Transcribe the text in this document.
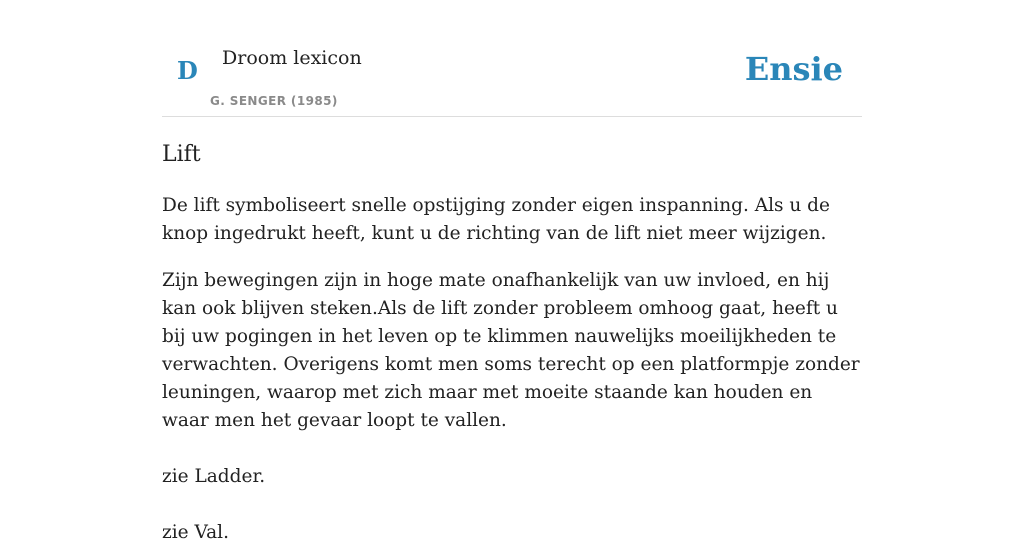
D Droom lexicon
G. SENGER (1985)
Ensie
Lift

De lift symboliseert snelle opstijging zonder eigen inspanning. Als u de knop ingedrukt heeft, kunt u de richting van de lift niet meer wijzigen.

Zijn bewegingen zijn in hoge mate onafhankelijk van uw invloed, en hij kan ook blijven steken.Als de lift zonder probleem omhoog gaat, heeft u bij uw pogingen in het leven op te klimmen nauwelijks moeilijkheden te verwachten. Overigens komt men soms terecht op een platformpje zonder leuningen, waarop met zich maar met moeite staande kan houden en waar men het gevaar loopt te vallen.

zie Ladder.

zie Val.
